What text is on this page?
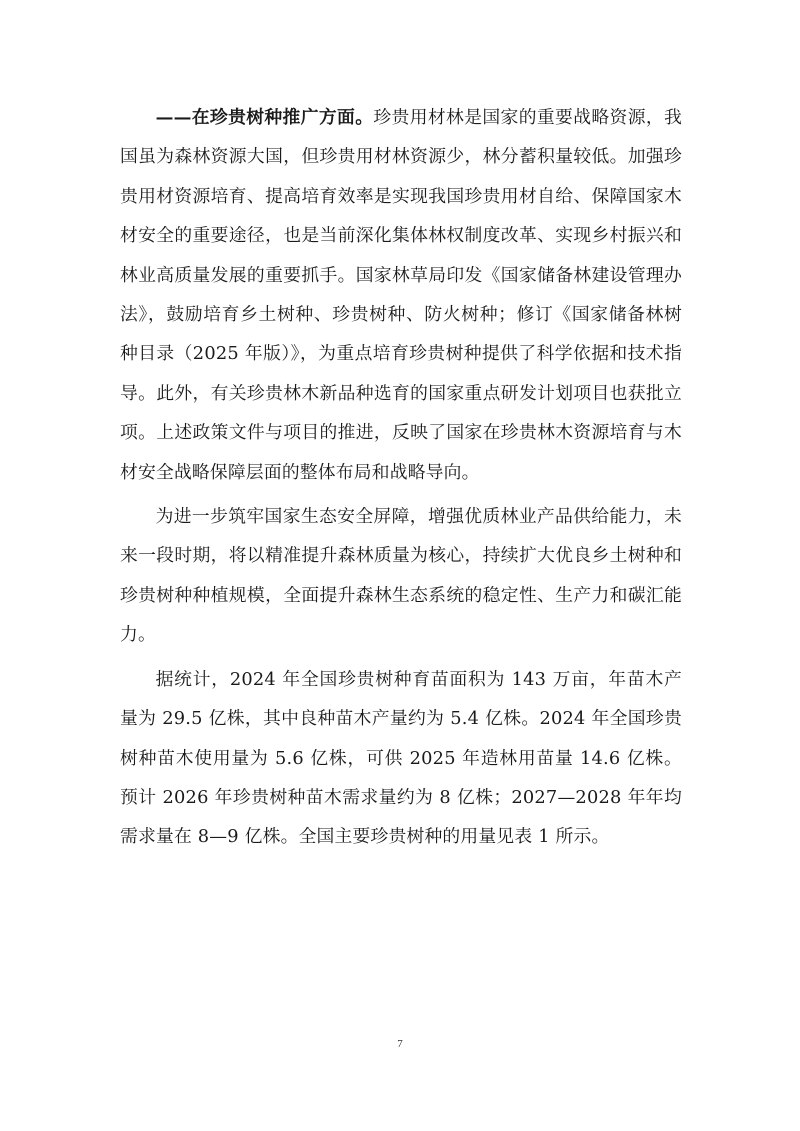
——在珍贵树种推广方面。珍贵用材林是国家的重要战略资源，我国虽为森林资源大国，但珍贵用材林资源少，林分蓄积量较低。加强珍贵用材资源培育、提高培育效率是实现我国珍贵用材自给、保障国家木材安全的重要途径，也是当前深化集体林权制度改革、实现乡村振兴和林业高质量发展的重要抓手。国家林草局印发《国家储备林建设管理办法》，鼓励培育乡土树种、珍贵树种、防火树种；修订《国家储备林树种目录（2025 年版）》，为重点培育珍贵树种提供了科学依据和技术指导。此外，有关珍贵林木新品种选育的国家重点研发计划项目也获批立项。上述政策文件与项目的推进，反映了国家在珍贵林木资源培育与木材安全战略保障层面的整体布局和战略导向。

为进一步筑牢国家生态安全屏障，增强优质林业产品供给能力，未来一段时期，将以精准提升森林质量为核心，持续扩大优良乡土树种和珍贵树种种植规模，全面提升森林生态系统的稳定性、生产力和碳汇能力。

据统计，2024 年全国珍贵树种育苗面积为 143 万亩，年苗木产量为 29.5 亿株，其中良种苗木产量约为 5.4 亿株。2024 年全国珍贵树种苗木使用量为 5.6 亿株，可供 2025 年造林用苗量 14.6 亿株。预计 2026 年珍贵树种苗木需求量约为 8 亿株；2027—2028 年年均需求量在 8—9 亿株。全国主要珍贵树种的用量见表 1 所示。

7
